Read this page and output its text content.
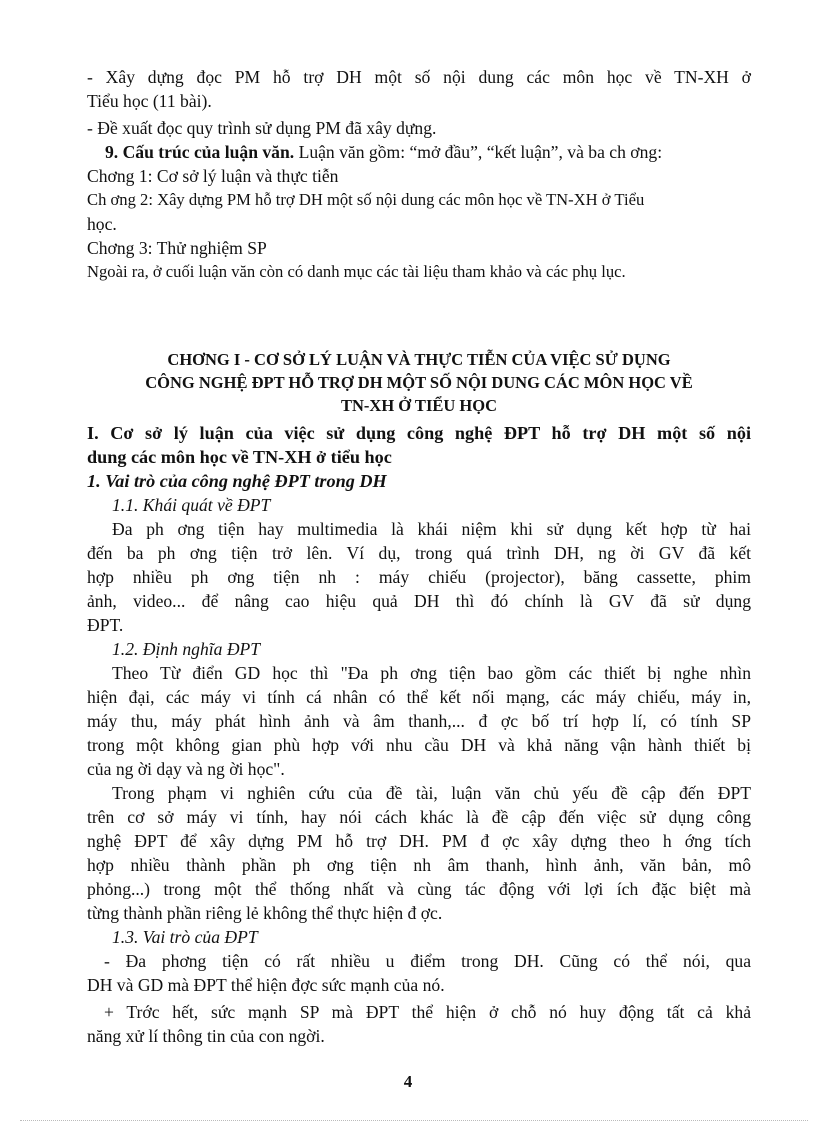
- Xây dựng đọc PM hỗ trợ DH một số nội dung các môn học về TN-XH ở
Tiểu học (11 bài).
- Đề xuất đọc quy trình sử dụng PM đã xây dựng.
9. Cấu trúc của luận văn. Luận văn gồm: “mở đầu”, “kết luận”, và ba ch ơng:
Chơng 1: Cơ sở lý luận và thực tiễn
Ch ơng 2: Xây dựng PM hỗ trợ DH một số nội dung các môn học về TN-XH ở Tiểu
học.
Chơng 3: Thử nghiệm SP
Ngoài ra, ở cuối luận văn còn có danh mục các tài liệu tham khảo và các phụ lục.
CHƠNG I - CƠ SỞ LÝ LUẬN VÀ THỰC TIỄN CỦA VIỆC SỬ DỤNG
CÔNG NGHỆ ĐPT HỖ TRỢ DH MỘT SỐ NỘI DUNG CÁC MÔN HỌC VỀ
TN-XH Ở TIỂU HỌC
I. Cơ sở lý luận của việc sử dụng công nghệ ĐPT hỗ trợ DH một số nội
dung các môn học về TN-XH ở tiểu học
1. Vai trò của công nghệ ĐPT trong DH
1.1. Khái quát về ĐPT
Đa ph ơng tiện hay multimedia là khái niệm khi sử dụng kết hợp từ hai
đến ba ph ơng tiện trở lên. Ví dụ, trong quá trình DH, ng ời GV đã kết
hợp nhiều ph ơng tiện nh : máy chiếu (projector), băng cassette, phim
ảnh, video... để nâng cao hiệu quả DH thì đó chính là GV đã sử dụng
ĐPT.
1.2. Định nghĩa ĐPT
Theo Từ điển GD học thì "Đa ph ơng tiện bao gồm các thiết bị nghe nhìn
hiện đại, các máy vi tính cá nhân có thể kết nối mạng, các máy chiếu, máy in,
máy thu, máy phát hình ảnh và âm thanh,... đ ợc bố trí hợp lí, có tính SP
trong một không gian phù hợp với nhu cầu DH và khả năng vận hành thiết bị
của ng ời dạy và ng ời học".
Trong phạm vi nghiên cứu của đề tài, luận văn chủ yếu đề cập đến ĐPT
trên cơ sở máy vi tính, hay nói cách khác là đề cập đến việc sử dụng công
nghệ ĐPT để xây dựng PM hỗ trợ DH. PM đ ợc xây dựng theo h ớng tích
hợp nhiều thành phần ph ơng tiện nh âm thanh, hình ảnh, văn bản, mô
phỏng...) trong một thể thống nhất và cùng tác động với lợi ích đặc biệt mà
từng thành phần riêng lẻ không thể thực hiện đ ợc.
1.3. Vai trò của ĐPT
- Đa phơng tiện có rất nhiều u điểm trong DH. Cũng có thể nói, qua
DH và GD mà ĐPT thể hiện đợc sức mạnh của nó.
+ Trớc hết, sức mạnh SP mà ĐPT thể hiện ở chỗ nó huy động tất cả khả
năng xử lí thông tin của con ngời.
4
